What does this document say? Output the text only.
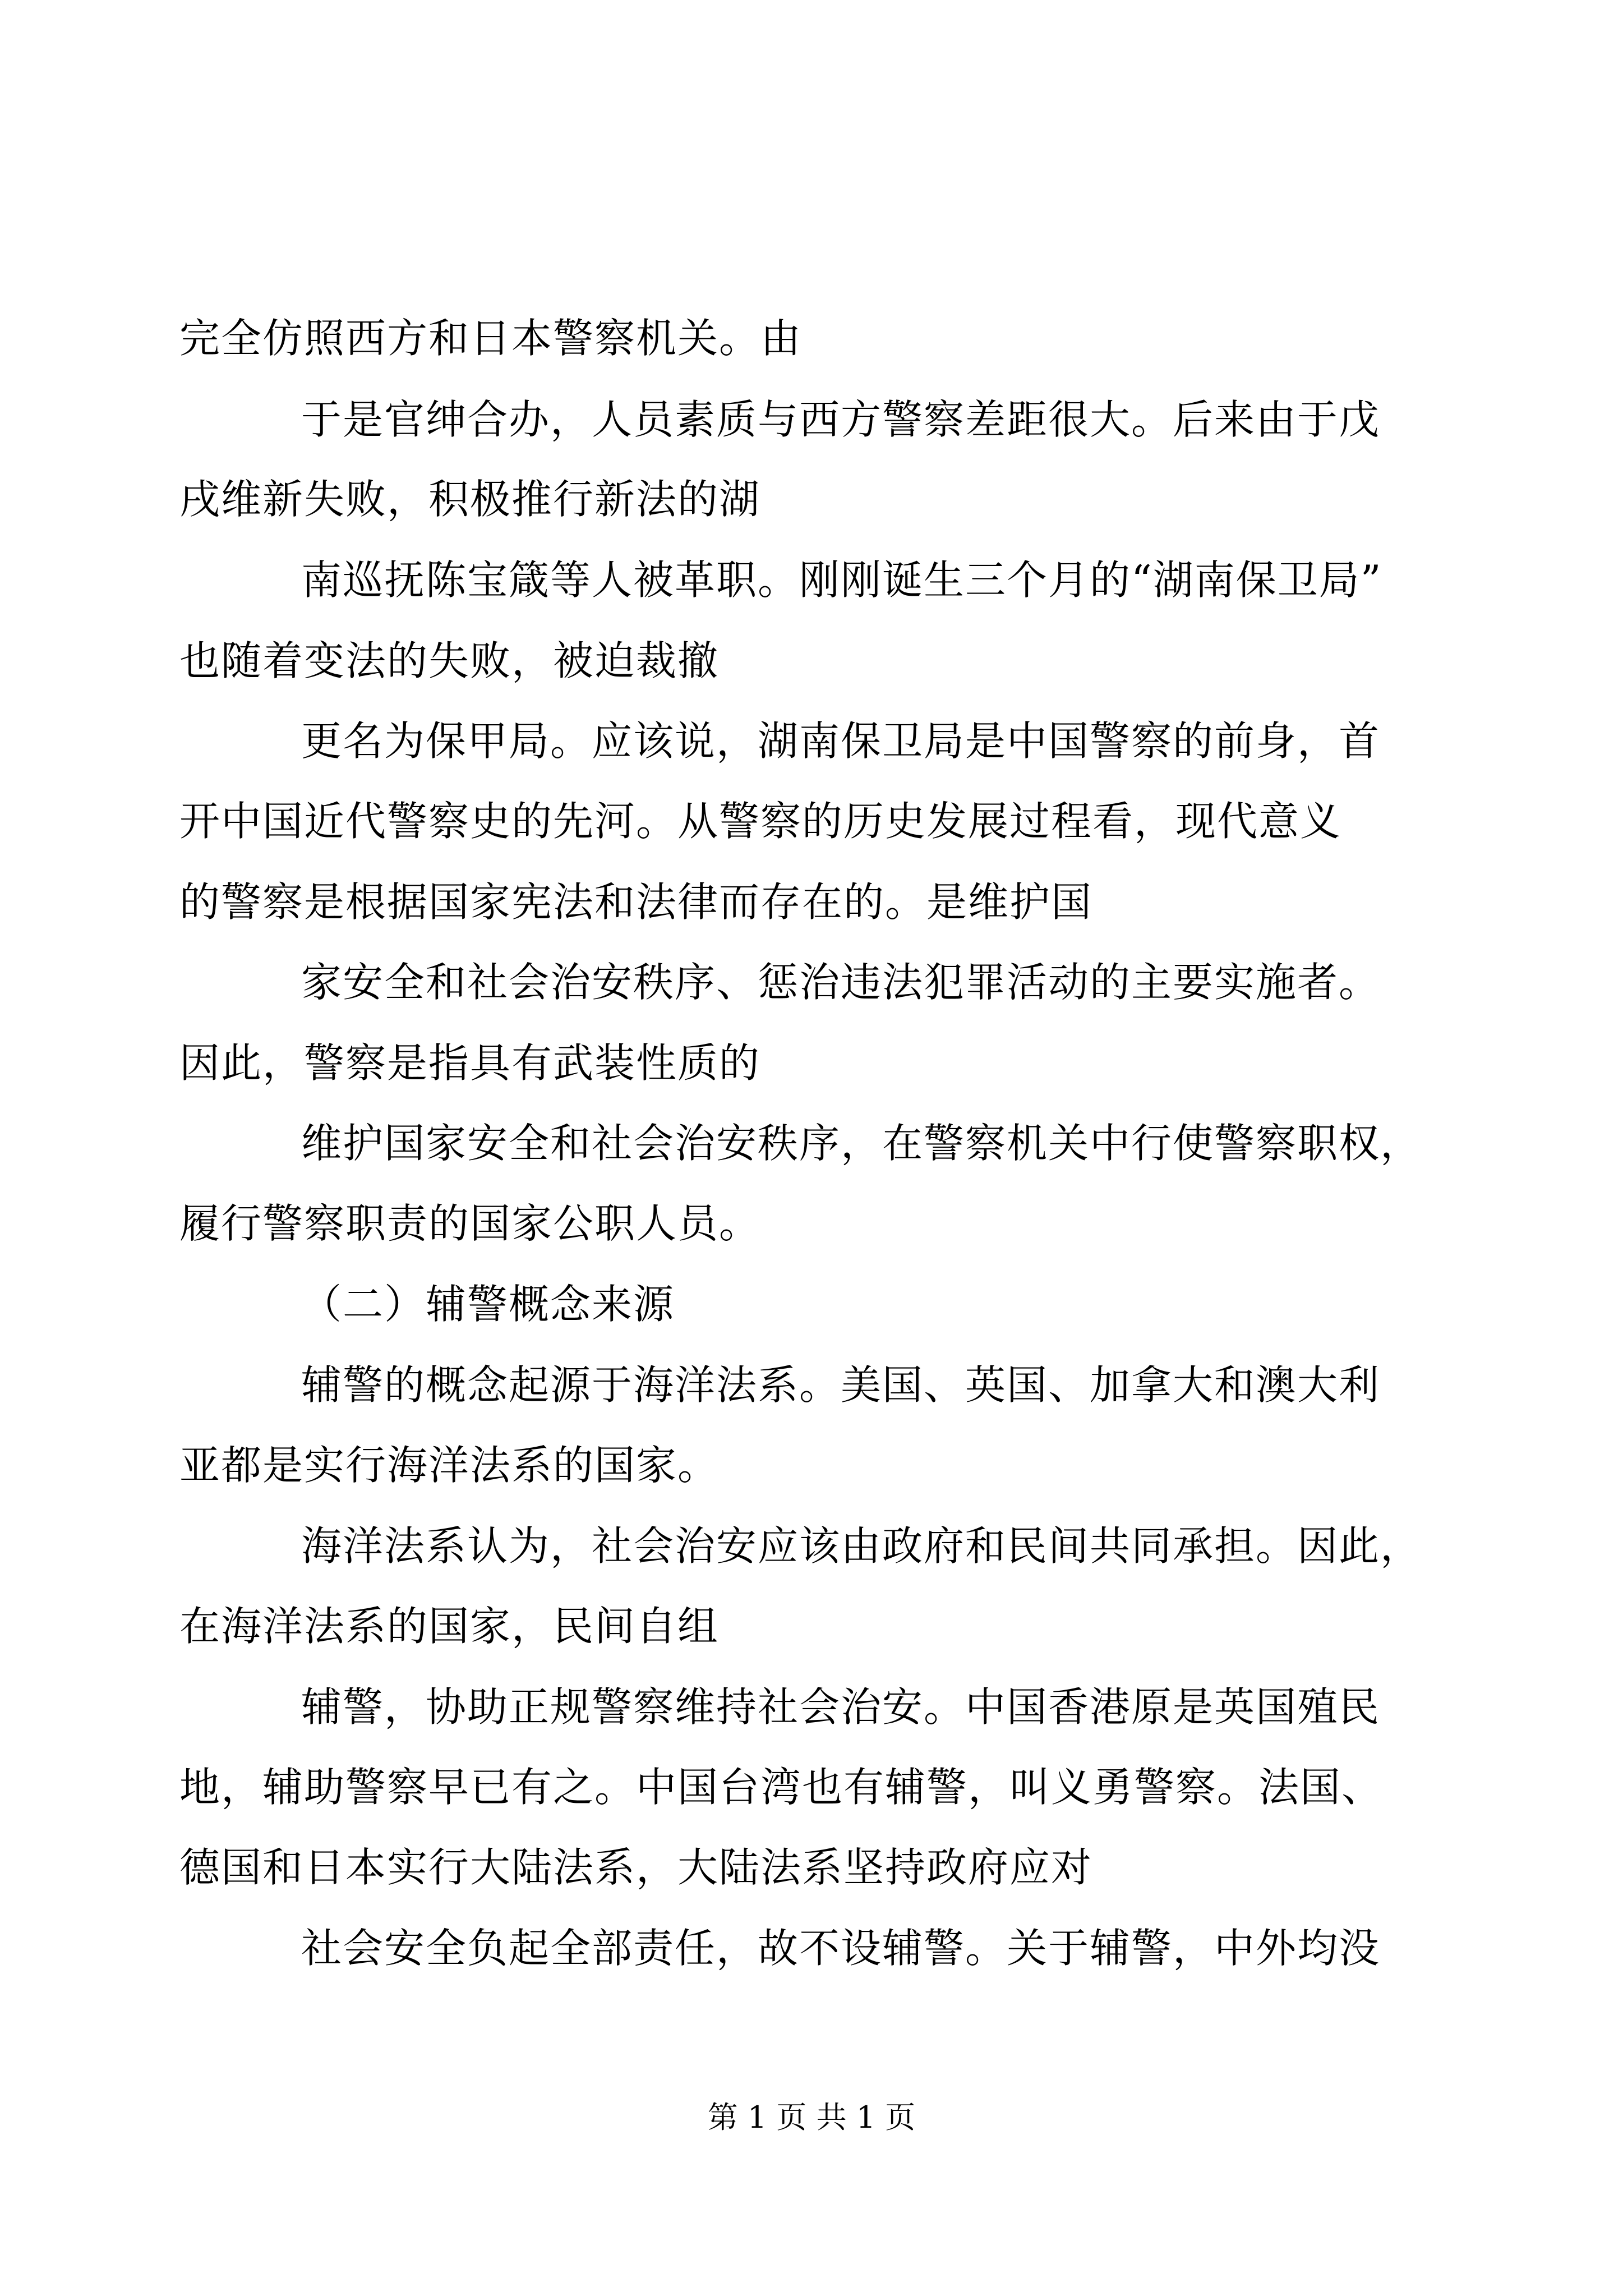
完全仿照西方和日本警察机关。由
于是官绅合办，人员素质与西方警察差距很大。后来由于戊
戌维新失败，积极推行新法的湖
南巡抚陈宝箴等人被革职。刚刚诞生三个月的“湖南保卫局”
也随着变法的失败，被迫裁撤
更名为保甲局。应该说，湖南保卫局是中国警察的前身，首
开中国近代警察史的先河。从警察的历史发展过程看，现代意义
的警察是根据国家宪法和法律而存在的。是维护国
家安全和社会治安秩序、惩治违法犯罪活动的主要实施者。
因此，警察是指具有武装性质的
维护国家安全和社会治安秩序，在警察机关中行使警察职权，
履行警察职责的国家公职人员。
（二）辅警概念来源
辅警的概念起源于海洋法系。美国、英国、加拿大和澳大利
亚都是实行海洋法系的国家。
海洋法系认为，社会治安应该由政府和民间共同承担。因此，
在海洋法系的国家，民间自组
辅警，协助正规警察维持社会治安。中国香港原是英国殖民
地，辅助警察早已有之。中国台湾也有辅警，叫义勇警察。法国、
德国和日本实行大陆法系，大陆法系坚持政府应对
社会安全负起全部责任，故不设辅警。关于辅警，中外均没
第 1 页 共 1 页
